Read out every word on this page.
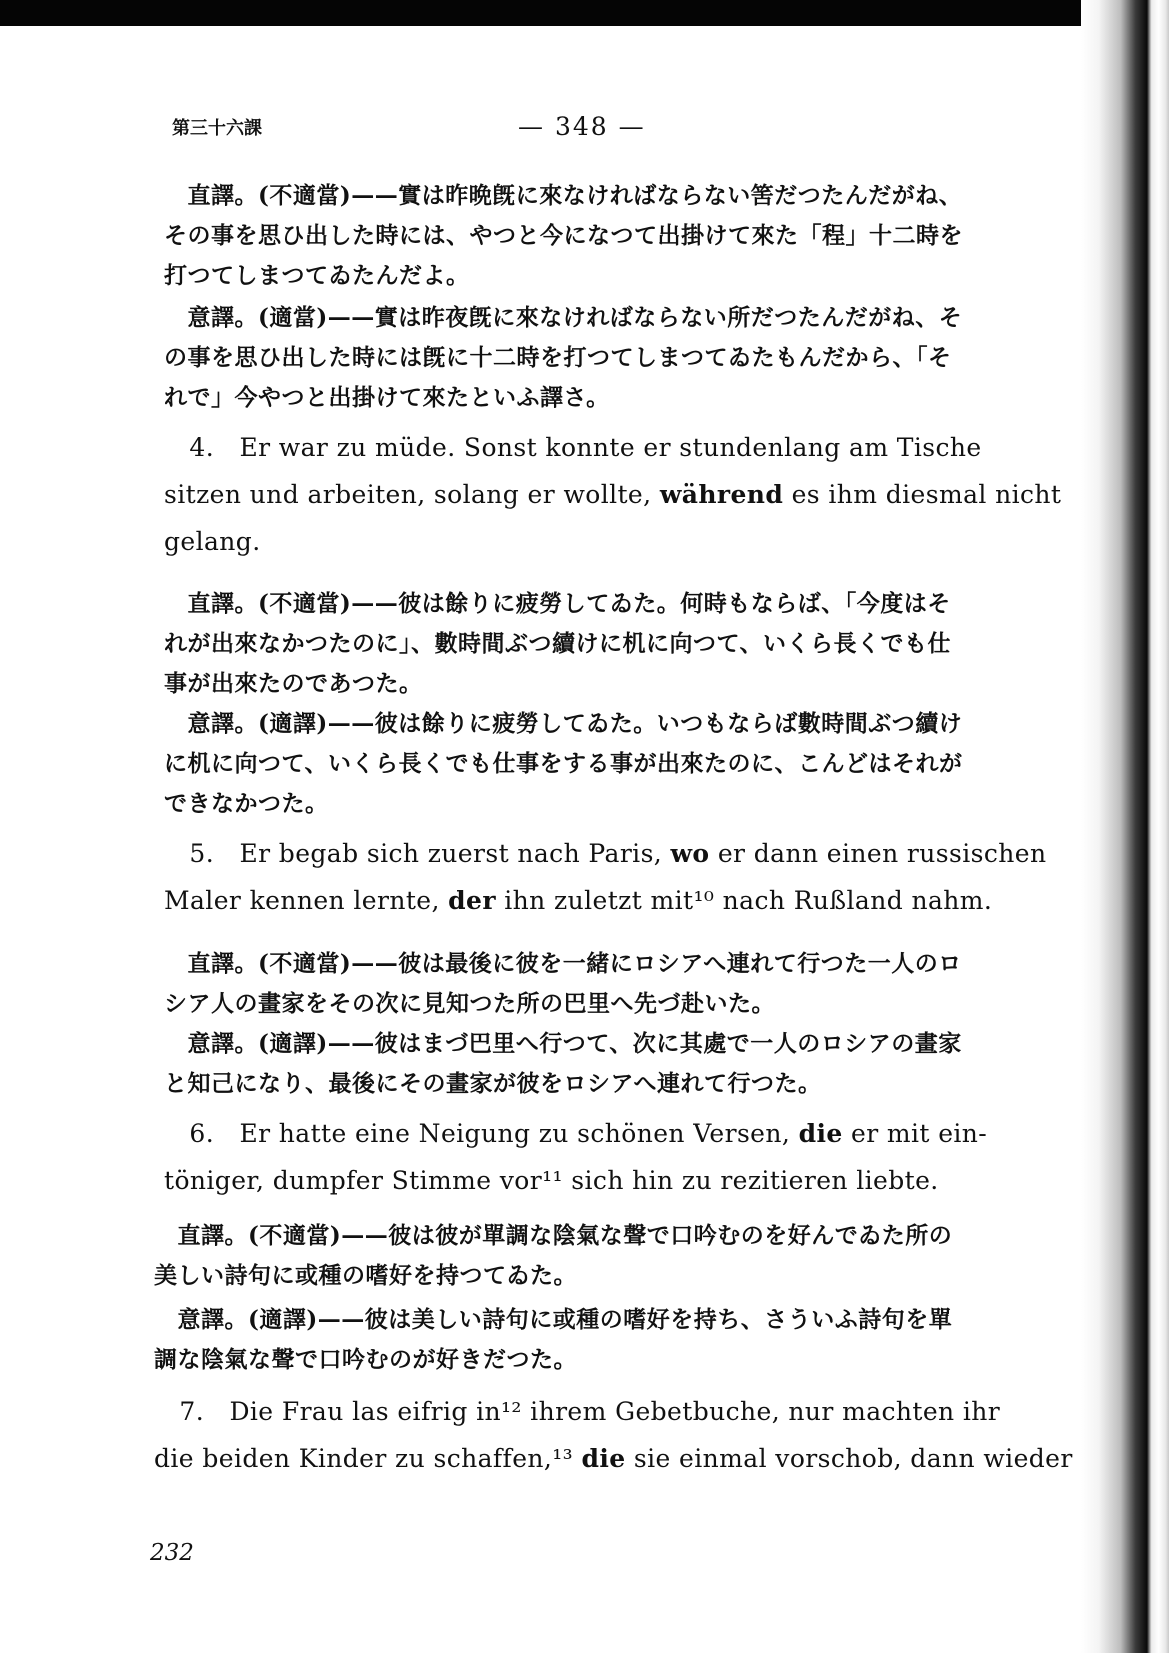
第三十六課	— 348 —
　直譯。(不適當)——實は昨晩旣に來なければならない筈だつたんだがね、
その事を思ひ出した時には、やつと今になつて出掛けて來た「程」十二時を
打つてしまつてゐたんだよ。
　意譯。(適當)——實は昨夜旣に來なければならない所だつたんだがね、そ
の事を思ひ出した時には旣に十二時を打つてしまつてゐたもんだから、「そ
れで」今やつと出掛けて來たといふ譯さ。
　4.　Er war zu müde. Sonst konnte er stundenlang am Tische
sitzen und arbeiten, solang er wollte, während es ihm diesmal nicht
gelang.
　直譯。(不適當)——彼は餘りに疲勞してゐた。何時もならば、「今度はそ
れが出來なかつたのに」、數時間ぶつ續けに机に向つて、いくら長くでも仕
事が出來たのであつた。
　意譯。(適譯)——彼は餘りに疲勞してゐた。いつもならば數時間ぶつ續け
に机に向つて、いくら長くでも仕事をする事が出來たのに、こんどはそれが
できなかつた。
　5.　Er begab sich zuerst nach Paris, wo er dann einen russischen
Maler kennen lernte, der ihn zuletzt mit¹⁰ nach Rußland nahm.
　直譯。(不適當)——彼は最後に彼を一緒にロシアへ連れて行つた一人のロ
シア人の畫家をその次に見知つた所の巴里へ先づ赴いた。
　意譯。(適譯)——彼はまづ巴里へ行つて、次に其處で一人のロシアの畫家
と知己になり、最後にその畫家が彼をロシアへ連れて行つた。
　6.　Er hatte eine Neigung zu schönen Versen, die er mit ein-
töniger, dumpfer Stimme vor¹¹ sich hin zu rezitieren liebte.
　直譯。(不適當)——彼は彼が單調な陰氣な聲で口吟むのを好んでゐた所の
美しい詩句に或種の嗜好を持つてゐた。
　意譯。(適譯)——彼は美しい詩句に或種の嗜好を持ち、さういふ詩句を單
調な陰氣な聲で口吟むのが好きだつた。
　7.　Die Frau las eifrig in¹² ihrem Gebetbuche, nur machten ihr
die beiden Kinder zu schaffen,¹³ die sie einmal vorschob, dann wieder
232
